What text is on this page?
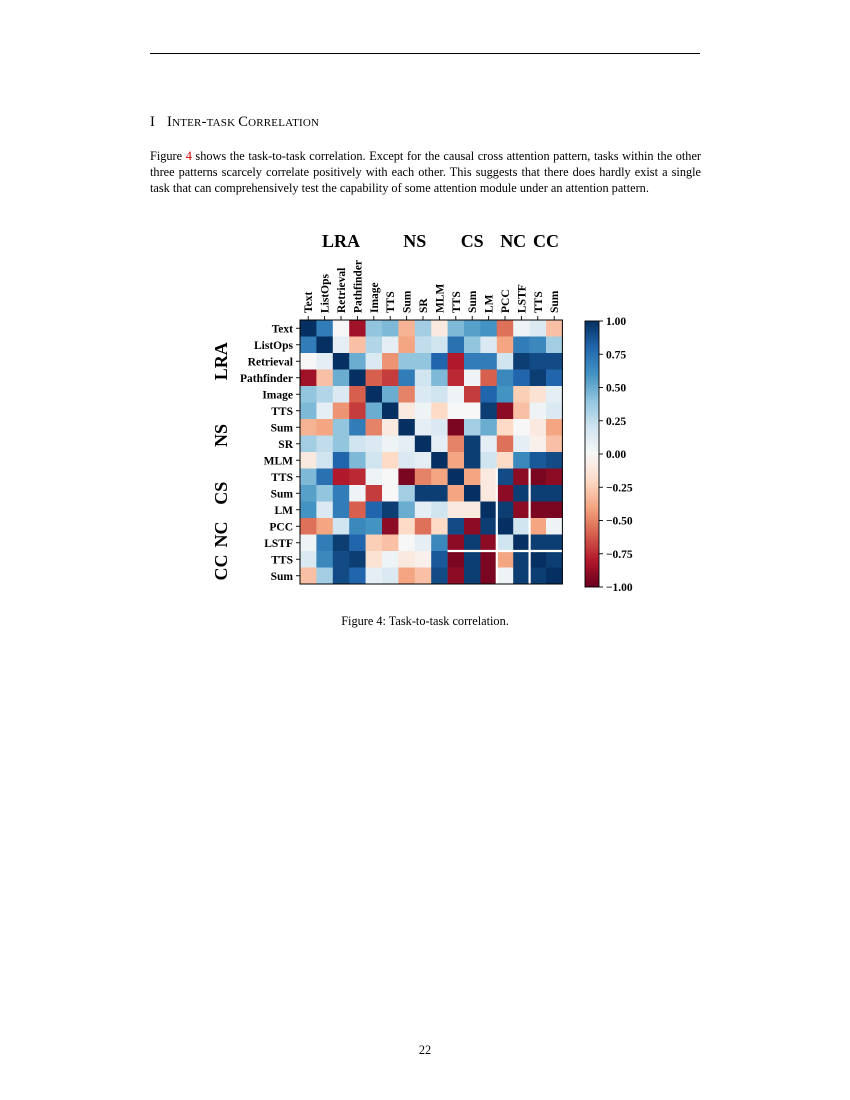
I INTER-TASK CORRELATION
Figure 4 shows the task-to-task correlation. Except for the causal cross attention pattern, tasks within the other three patterns scarcely correlate positively with each other. This suggests that there does hardly exist a single task that can comprehensively test the capability of some attention module under an attention pattern.
Text
ListOps
Retrieval
Pathfinder
Image
TTS
Sum
SR
MLM
TTS
Sum
LM
PCC
LSTF
TTS
Sum
Text ListOps Retrieval Pathfinder Image TTS Sum SR MLM TTS Sum LM PCC LSTF TTS Sum
LRA
LRA
NS
NS
CS
CS
NC
NC
CC
CC
1.00
0.75
0.50
0.25
0.00
−0.25
−0.50
−0.75
−1.00
Figure 4: Task-to-task correlation.
22
